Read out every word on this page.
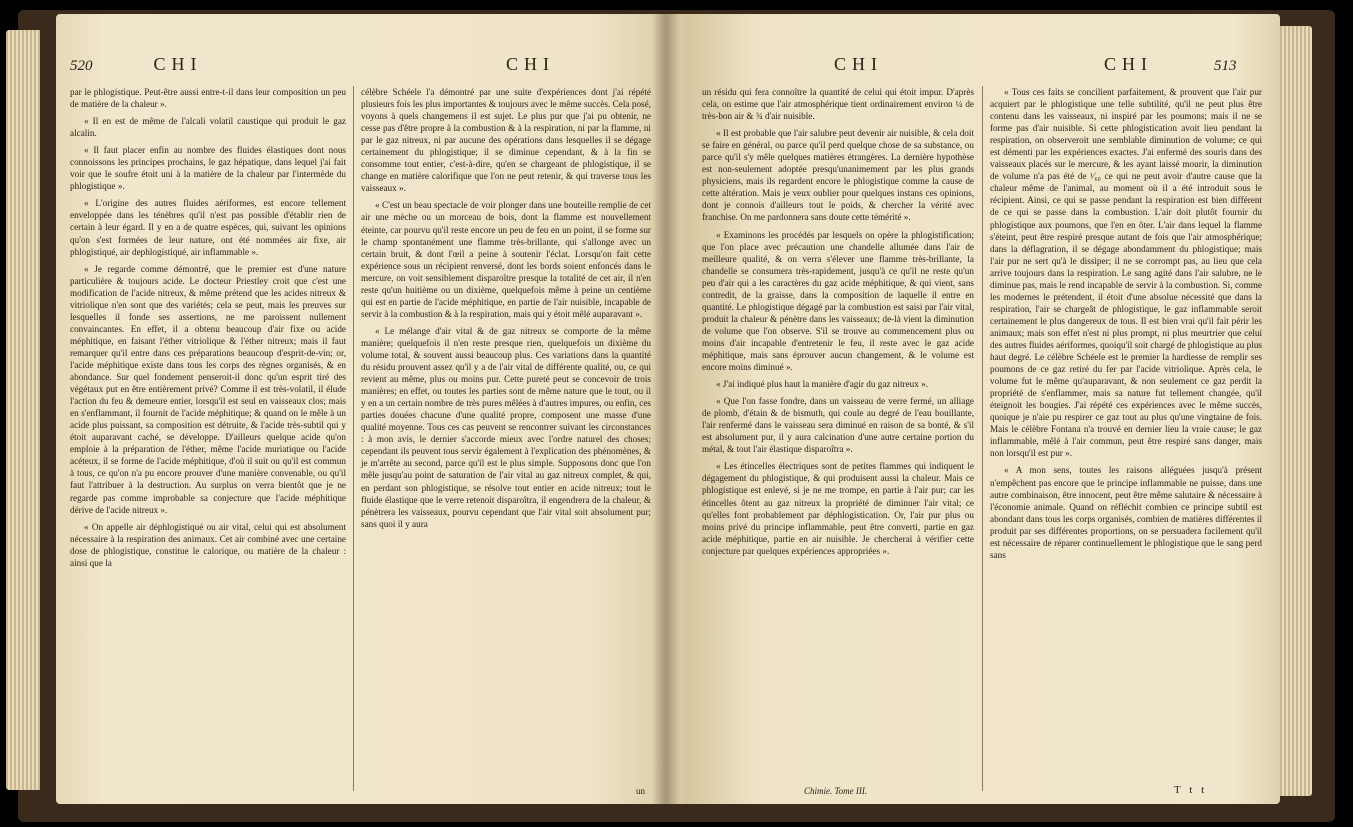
520	CHI	CHI

par le phlogistique. Peut-être aussi entre-t-il dans leur composition un peu de matière de la chaleur ».

« Il en est de même de l'alcali volatil caustique qui produit le gaz alcalin.

« Il faut placer enfin au nombre des fluides élastiques dont nous connoissons les principes prochains, le gaz hépatique, dans lequel j'ai fait voir que le soufre étoit uni à la matière de la chaleur par l'intermède du phlogistique ».

« L'origine des autres fluides aériformes, est encore tellement enveloppée dans les ténèbres qu'il n'est pas possible d'établir rien de certain à leur égard. Il y en a de quatre espèces, qui, suivant les opinions qu'on s'est formées de leur nature, ont été nommées air fixe, air phlogistiqué, air dephlogistiqué, air inflammable ».

« Je regarde comme démontré, que le premier est d'une nature particulière & toujours acide. Le docteur Priestley croit que c'est une modification de l'acide nitreux, & même prétend que les acides nitreux & vitriolique n'en sont que des variétés; cela se peut, mais les preuves sur lesquelles il fonde ses assertions, ne me paroissent nullement convaincantes. En effet, il a obtenu beaucoup d'air fixe ou acide méphitique, en faisant l'éther vitriolique & l'éther nitreux; mais il faut remarquer qu'il entre dans ces préparations beaucoup d'esprit-de-vin; or, l'acide méphitique existe dans tous les corps des règnes organisés, & en abondance. Sur quel fondement penseroit-il donc qu'un esprit tiré des végétaux put en être entièrement privé? Comme il est très-volatil, il élude l'action du feu & demeure entier, lorsqu'il est seul en vaisseaux clos; mais en s'enflammant, il fournit de l'acide méphitique; & quand on le mêle à un acide plus puissant, sa composition est détruite, & l'acide très-subtil qui y étoit auparavant caché, se développe. D'ailleurs quelque acide qu'on emploie à la préparation de l'éther, même l'acide muriatique ou l'acide acéteux, il se forme de l'acide méphitique, d'où il suit ou qu'il est commun à tous, ce qu'on n'a pu encore prouver d'une manière convenable, ou qu'il faut l'attribuer à la destruction. Au surplus on verra bientôt que je ne regarde pas comme improbable sa conjecture que l'acide méphitique dérive de l'acide nitreux ».

« On appelle air déphlogistiqué ou air vital, celui qui est absolument nécessaire à la respiration des animaux. Cet air combiné avec une certaine dose de phlogistique, constitue le calorique, ou matière de la chaleur : ainsi que la

célèbre Schéele l'a démontré par une suite d'expériences dont j'ai répété plusieurs fois les plus importantes & toujours avec le même succès. Cela posé, voyons à quels changemens il est sujet. Le plus pur que j'ai pu obtenir, ne cesse pas d'être propre à la combustion & à la respiration, ni par la flamme, ni par le gaz nitreux, ni par aucune des opérations dans lesquelles il se dégage certainement du phlogistique; il se diminue cependant, & à la fin se consomme tout entier, c'est-à-dire, qu'en se chargeant de phlogistique, il se change en matière calorifique que l'on ne peut retenir, & qui traverse tous les vaisseaux ».

« C'est un beau spectacle de voir plonger dans une bouteille remplie de cet air une mèche ou un morceau de bois, dont la flamme est nouvellement éteinte, car pourvu qu'il reste encore un peu de feu en un point, il se forme sur le champ spontanément une flamme très-brillante, qui s'allonge avec un certain bruit, & dont l'œil a peine à soutenir l'éclat. Lorsqu'on fait cette expérience sous un récipient renversé, dont les bords soient enfoncés dans le mercure, on voit sensiblement disparoître presque la totalité de cet air, il n'en reste qu'un huitième ou un dixième, quelquefois même à peine un centième qui est en partie de l'acide méphitique, en partie de l'air nuisible, incapable de servir à la combustion & à la respiration, mais qui y étoit mêlé auparavant ».

« Le mélange d'air vital & de gaz nitreux se comporte de la même manière; quelquefois il n'en reste presque rien, quelquefois un dixième du volume total, & souvent aussi beaucoup plus. Ces variations dans la quantité du résidu prouvent assez qu'il y a de l'air vital de différente qualité, ou, ce qui revient au même, plus ou moins pur. Cette pureté peut se concevoir de trois manières; en effet, ou toutes les parties sont de même nature que le tout, ou il y en a un certain nombre de très pures mêlées à d'autres impures, ou enfin, ces parties douées chacune d'une qualité propre, composent une masse d'une qualité moyenne. Tous ces cas peuvent se rencontrer suivant les circonstances : à mon avis, le dernier s'accorde mieux avec l'ordre naturel des choses; cependant ils peuvent tous servir également à l'explication des phénomènes, & je m'arrête au second, parce qu'il est le plus simple. Supposons donc que l'on mêle jusqu'au point de saturation de l'air vital au gaz nitreux complet, & qui, en perdant son phlogistique, se résolve tout entier en acide nitreux; tout le fluide élastique que le verre retenoit disparoîtra, il engendrera de la chaleur, & pénètrera les vaisseaux, pourvu cependant que l'air vital soit absolument pur; sans quoi il y aura

un
CHI	CHI	513

un résidu qui fera connoître la quantité de celui qui étoit impur. D'après cela, on estime que l'air atmosphérique tient ordinairement environ ¼ de très-bon air & ¾ d'air nuisible.

« Il est probable que l'air salubre peut devenir air nuisible, & cela doit se faire en général, ou parce qu'il perd quelque chose de sa substance, ou parce qu'il s'y mêle quelques matières étrangères. La dernière hypothèse est non-seulement adoptée presqu'unanimement par les plus grands physiciens, mais ils regardent encore le phlogistique comme la cause de cette altération. Mais je veux oublier pour quelques instans ces opinions, dont je connois d'ailleurs tout le poids, & chercher la vérité avec franchise. On me pardonnera sans doute cette témérité ».

« Examinons les procédés par lesquels on opère la phlogistification; que l'on place avec précaution une chandelle allumée dans l'air de meilleure qualité, & on verra s'élever une flamme très-brillante, la chandelle se consumera très-rapidement, jusqu'à ce qu'il ne reste qu'un peu d'air qui a les caractères du gaz acide méphitique, & qui vient, sans contredit, de la graisse, dans la composition de laquelle il entre en quantité. Le phlogistique dégagé par la combustion est saisi par l'air vital, produit la chaleur & pénètre dans les vaisseaux; de-là vient la diminution de volume que l'on observe. S'il se trouve au commencement plus ou moins d'air incapable d'entretenir le feu, il reste avec le gaz acide méphitique, mais sans éprouver aucun changement, & le volume est encore moins diminué ».

« J'ai indiqué plus haut la manière d'agir du gaz nitreux ».

« Que l'on fasse fondre, dans un vaisseau de verre fermé, un alliage de plomb, d'étain & de bismuth, qui coule au degré de l'eau bouillante, l'air renfermé dans le vaisseau sera diminué en raison de sa bonté, & s'il est absolument pur, il y aura calcination d'une autre certaine portion du métal, & tout l'air élastique disparoîtra ».

« Les étincelles électriques sont de petites flammes qui indiquent le dégagement du phlogistique, & qui produisent aussi la chaleur. Mais ce phlogistique est enlevé, si je ne me trompe, en partie à l'air pur; car les étincelles ôtent au gaz nitreux la propriété de diminuer l'air vital; ce qu'elles font probablement par déphlogistication. Or, l'air pur plus ou moins privé du principe inflammable, peut être converti, partie en gaz acide méphitique, partie en air nuisible. Je chercherai à vérifier cette conjecture par quelques expériences appropriées ».

« Tous ces faits se concilient parfaitement, & prouvent que l'air pur acquiert par le phlogistique une telle subtilité, qu'il ne peut plus être contenu dans les vaisseaux, ni inspiré par les poumons; mais il ne se forme pas d'air nuisible. Si cette phlogistication avoit lieu pendant la respiration, on observeroit une semblable diminution de volume; ce qui est démenti par les expériences exactes. J'ai enfermé des souris dans des vaisseaux placés sur le mercure, & les ayant laissé mourir, la diminution de volume n'a pas été de ¹⁄₆₀ ce qui ne peut avoir d'autre cause que la chaleur même de l'animal, au moment où il a été introduit sous le récipient. Ainsi, ce qui se passe pendant la respiration est bien différent de ce qui se passe dans la combustion. L'air doit plutôt fournir du phlogistique aux poumons, que l'en en ôter. L'air dans lequel la flamme s'éteint, peut être respiré presque autant de fois que l'air atmosphérique; dans la déflagration, il se dégage abondamment du phlogistique; mais l'air pur ne sert qu'à le dissiper; il ne se corrompt pas, au lieu que cela arrive toujours dans la respiration. Le sang agité dans l'air salubre, ne le diminue pas, mais le rend incapable de servir à la combustion. Si, comme les modernes le prétendent, il étoit d'une absolue nécessité que dans la respiration, l'air se chargeât de phlogistique, le gaz inflammable seroit certainement le plus dangereux de tous. Il est bien vrai qu'il fait périr les animaux; mais son effet n'est ni plus prompt, ni plus meurtrier que celui des autres fluides aériformes, quoiqu'il soit chargé de phlogistique au plus haut degré. Le célèbre Schéele est le premier la hardiesse de remplir ses poumons de ce gaz retiré du fer par l'acide vitriolique. Après cela, le volume fut le même qu'auparavant, & non seulement ce gaz perdit la propriété de s'enflammer, mais sa nature fut tellement changée, qu'il éteignoit les bougies. J'ai répété ces expériences avec le même succès, quoique je n'aie pu respirer ce gaz tout au plus qu'une vingtaine de fois. Mais le célèbre Fontana n'a trouvé en dernier lieu la vraie cause; le gaz inflammable, mêlé à l'air commun, peut être respiré sans danger, mais non lorsqu'il est pur ».

« A mon sens, toutes les raisons alléguées jusqu'à présent n'empêchent pas encore que le principe inflammable ne puisse, dans une autre combinaison, être innocent, peut être même salutaire & nécessaire à l'économie animale. Quand on réfléchit combien ce principe subtil est abondant dans tous les corps organisés, combien de matières différentes il produit par ses différentes proportions, on se persuadera facilement qu'il est nécessaire de réparer continuellement le phlogistique que le sang perd sans

Chimie. Tome III.	T t t
